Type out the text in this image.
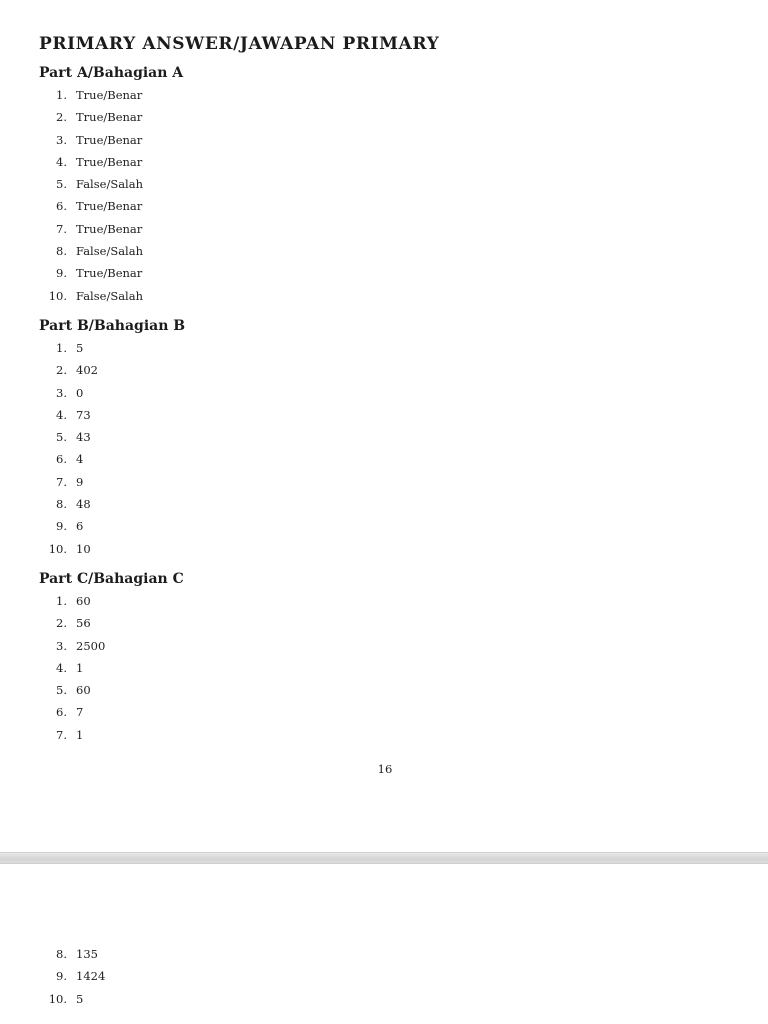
PRIMARY ANSWER/JAWAPAN PRIMARY
Part A/Bahagian A
1. True/Benar
2. True/Benar
3. True/Benar
4. True/Benar
5. False/Salah
6. True/Benar
7. True/Benar
8. False/Salah
9. True/Benar
10. False/Salah
Part B/Bahagian B
1. 5
2. 402
3. 0
4. 73
5. 43
6. 4
7. 9
8. 48
9. 6
10. 10
Part C/Bahagian C
1. 60
2. 56
3. 2500
4. 1
5. 60
6. 7
7. 1
16
8. 135
9. 1424
10. 5
